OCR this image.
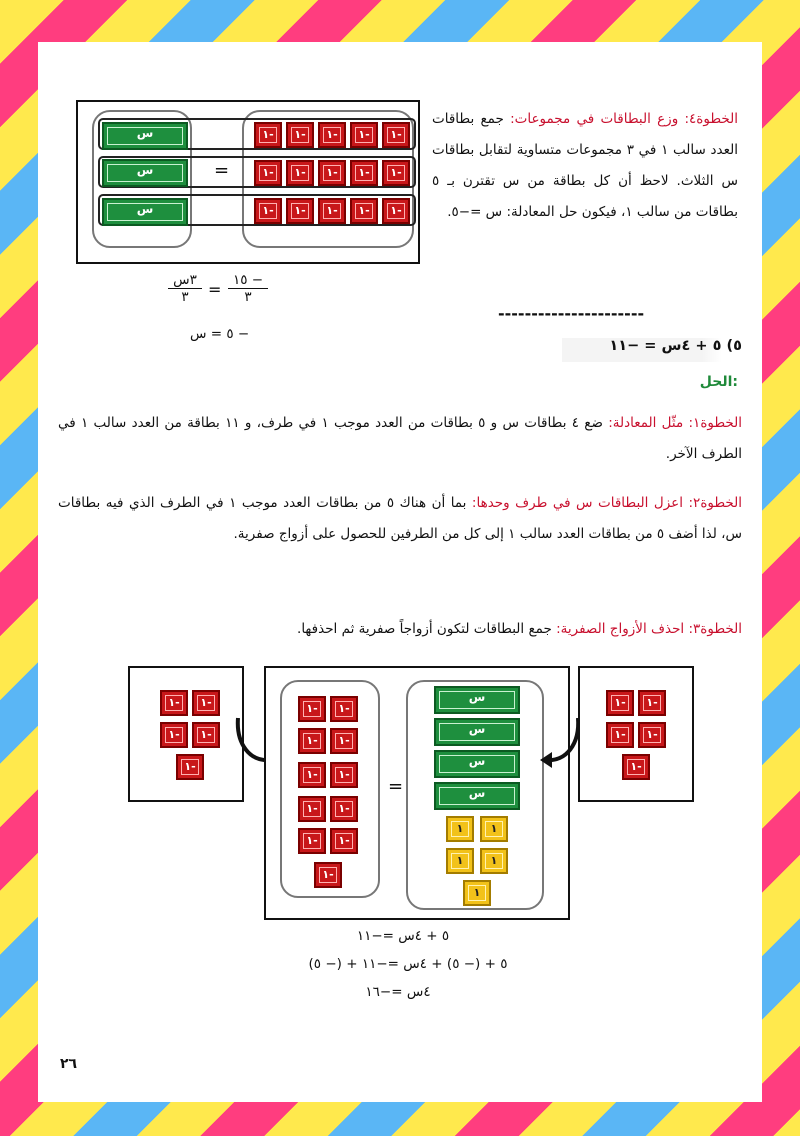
س
س
س
=
١-	١-	١-	١-	١-
١-	١-	١-	١-	١-
١-	١-	١-	١-	١-
الخطوة٤: وزع البطاقات في مجموعات: جمع بطاقات العدد سالب ١ في ٣ مجموعات متساوية لتقابل بطاقات س الثلاث. لاحظ أن كل بطاقة من س تقترن بـ ٥ بطاقات من سالب ١، فيكون حل المعادلة: س =−٥.
٣س
٣	= − ١٥
٣
− ٥ = س
----------------------
٥) ٥ + ٤س = −١١
الحل:
الخطوة١: مثّل المعادلة: ضع ٤ بطاقات س و ٥ بطاقات من العدد موجب ١ في طرف، و ١١ بطاقة من العدد سالب ١ في الطرف الآخر.
الخطوة٢: اعزل البطاقات س في طرف وحدها: بما أن هناك ٥ من بطاقات العدد موجب ١ في الطرف الذي فيه بطاقات س، لذا أضف ٥ من بطاقات العدد سالب ١ إلى كل من الطرفين للحصول على أزواج صفرية.
الخطوة٣: احذف الأزواج الصفرية: جمع البطاقات لتكون أزواجاً صفرية ثم احذفها.
١-	١-
١-	١-
١-
١-	١-
١-	١-
١-	١-
١-	١-
١-	١-
١-
=
س
س
س
س
١	١
١	١
١
١-	١-
١-	١-
١-
٥ + ٤س =−١١
٥ + (− ٥) + ٤س =−١١ + (− ٥)
٤س =−١٦
٢٦
